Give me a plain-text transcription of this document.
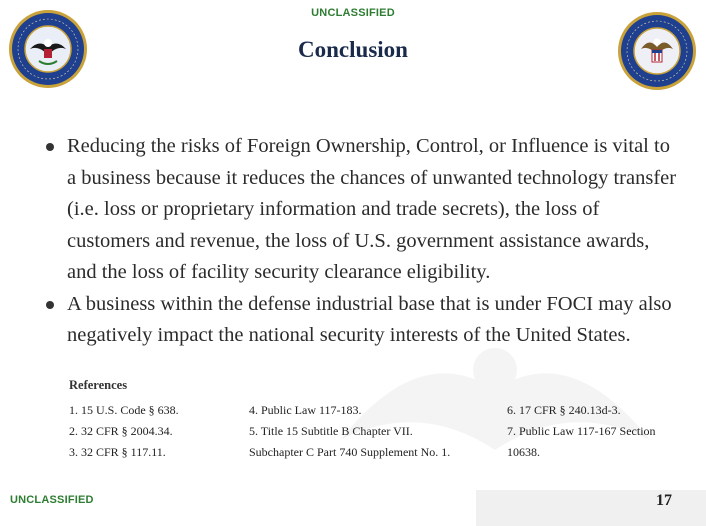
UNCLASSIFIED
Conclusion
Reducing the risks of Foreign Ownership, Control, or Influence is vital to a business because it reduces the chances of unwanted technology transfer (i.e. loss or proprietary information and trade secrets), the loss of customers and revenue, the loss of U.S. government assistance awards, and the loss of facility security clearance eligibility.
A business within the defense industrial base that is under FOCI may also negatively impact the national security interests of the United States.
References
1. 15 U.S. Code § 638.
2. 32 CFR § 2004.34.
3. 32 CFR § 117.11.
4. Public Law 117-183.
5. Title 15 Subtitle B Chapter VII.
Subchapter C Part 740 Supplement No. 1.
6. 17 CFR § 240.13d-3.
7. Public Law 117-167 Section
10638.
UNCLASSIFIED	17
